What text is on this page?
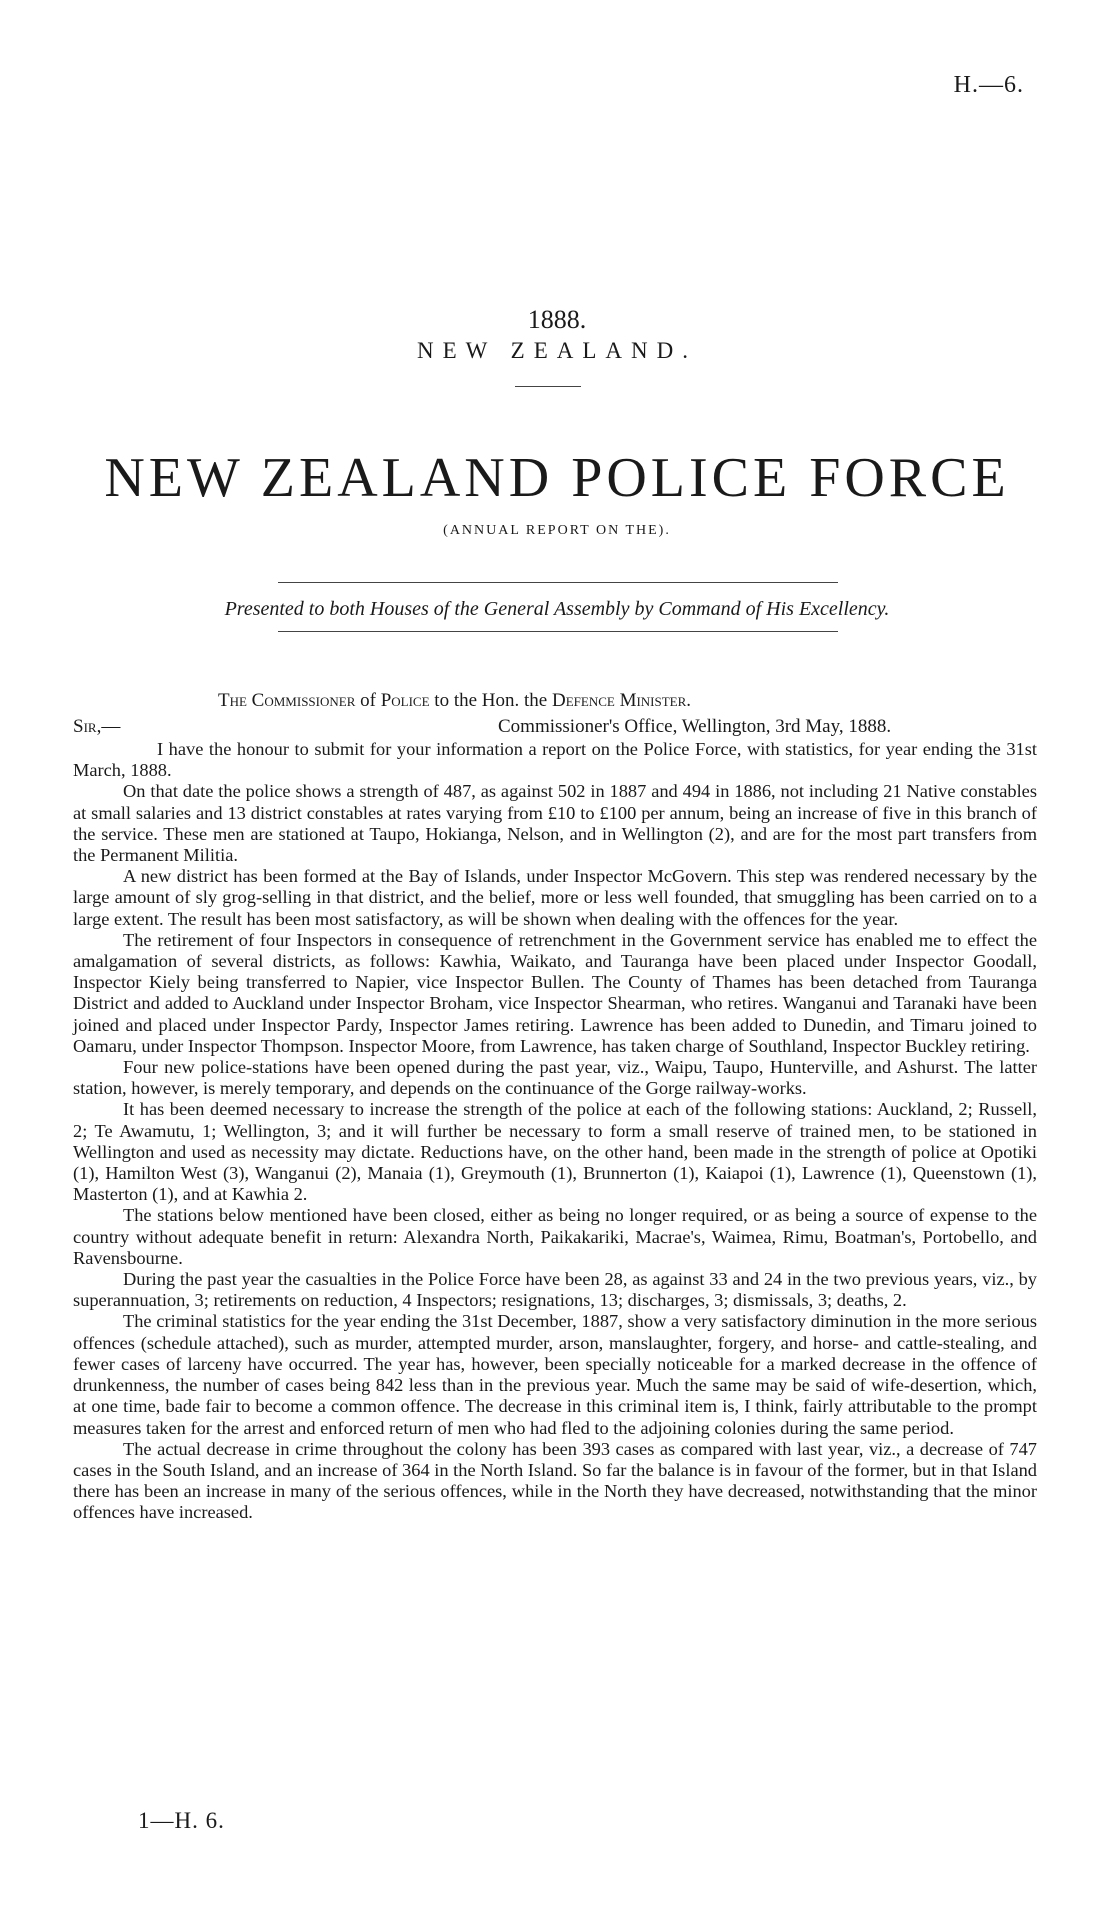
H.—6.
1888.
NEW ZEALAND.
NEW ZEALAND POLICE FORCE
(ANNUAL REPORT ON THE).
Presented to both Houses of the General Assembly by Command of His Excellency.
The Commissioner of Police to the Hon. the Defence Minister.
Sir,—	Commissioner's Office, Wellington, 3rd May, 1888.

I have the honour to submit for your information a report on the Police Force, with statistics, for year ending the 31st March, 1888.

On that date the police shows a strength of 487, as against 502 in 1887 and 494 in 1886, not including 21 Native constables at small salaries and 13 district constables at rates varying from £10 to £100 per annum, being an increase of five in this branch of the service. These men are stationed at Taupo, Hokianga, Nelson, and in Wellington (2), and are for the most part transfers from the Permanent Militia.

A new district has been formed at the Bay of Islands, under Inspector McGovern. This step was rendered necessary by the large amount of sly grog-selling in that district, and the belief, more or less well founded, that smuggling has been carried on to a large extent. The result has been most satisfactory, as will be shown when dealing with the offences for the year.

The retirement of four Inspectors in consequence of retrenchment in the Government service has enabled me to effect the amalgamation of several districts, as follows: Kawhia, Waikato, and Tauranga have been placed under Inspector Goodall, Inspector Kiely being transferred to Napier, vice Inspector Bullen. The County of Thames has been detached from Tauranga District and added to Auckland under Inspector Broham, vice Inspector Shearman, who retires. Wanganui and Taranaki have been joined and placed under Inspector Pardy, Inspector James retiring. Lawrence has been added to Dunedin, and Timaru joined to Oamaru, under Inspector Thompson. Inspector Moore, from Lawrence, has taken charge of Southland, Inspector Buckley retiring.

Four new police-stations have been opened during the past year, viz., Waipu, Taupo, Hunterville, and Ashurst. The latter station, however, is merely temporary, and depends on the continuance of the Gorge railway-works.

It has been deemed necessary to increase the strength of the police at each of the following stations: Auckland, 2; Russell, 2; Te Awamutu, 1; Wellington, 3; and it will further be necessary to form a small reserve of trained men, to be stationed in Wellington and used as necessity may dictate. Reductions have, on the other hand, been made in the strength of police at Opotiki (1), Hamilton West (3), Wanganui (2), Manaia (1), Greymouth (1), Brunnerton (1), Kaiapoi (1), Lawrence (1), Queenstown (1), Masterton (1), and at Kawhia 2.

The stations below mentioned have been closed, either as being no longer required, or as being a source of expense to the country without adequate benefit in return: Alexandra North, Paikakariki, Macrae's, Waimea, Rimu, Boatman's, Portobello, and Ravensbourne.

During the past year the casualties in the Police Force have been 28, as against 33 and 24 in the two previous years, viz., by superannuation, 3; retirements on reduction, 4 Inspectors; resignations, 13; discharges, 3; dismissals, 3; deaths, 2.

The criminal statistics for the year ending the 31st December, 1887, show a very satisfactory diminution in the more serious offences (schedule attached), such as murder, attempted murder, arson, manslaughter, forgery, and horse- and cattle-stealing, and fewer cases of larceny have occurred. The year has, however, been specially noticeable for a marked decrease in the offence of drunkenness, the number of cases being 842 less than in the previous year. Much the same may be said of wife-desertion, which, at one time, bade fair to become a common offence. The decrease in this criminal item is, I think, fairly attributable to the prompt measures taken for the arrest and enforced return of men who had fled to the adjoining colonies during the same period.

The actual decrease in crime throughout the colony has been 393 cases as compared with last year, viz., a decrease of 747 cases in the South Island, and an increase of 364 in the North Island. So far the balance is in favour of the former, but in that Island there has been an increase in many of the serious offences, while in the North they have decreased, notwithstanding that the minor offences have increased.

1—H. 6.
